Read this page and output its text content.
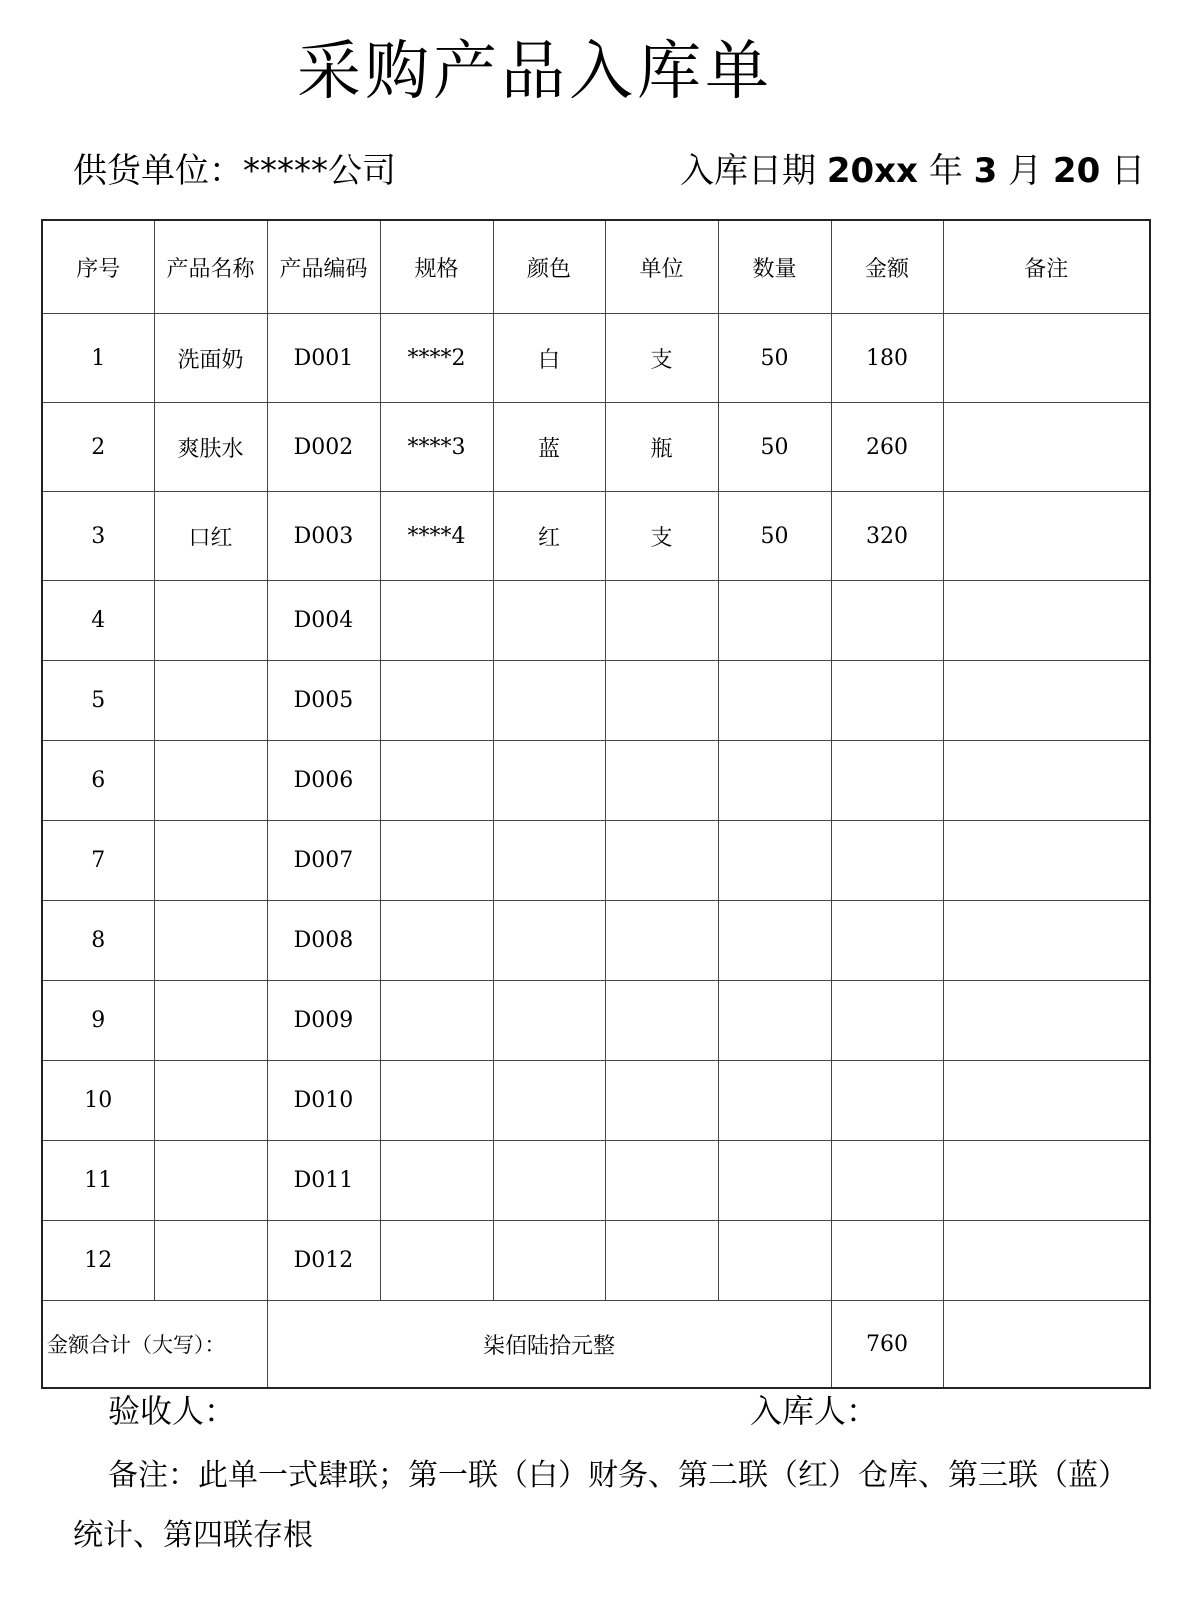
采购产品入库单
供货单位：*****公司	入库日期 20xx 年 3 月 20 日
序号	产品名称	产品编码	规格	颜色	单位	数量	金额	备注
1	洗面奶	D001	****2	白	支	50	180	
2	爽肤水	D002	****3	蓝	瓶	50	260	
3	口红	D003	****4	红	支	50	320	
4		D004						
5		D005						
6		D006						
7		D007						
8		D008						
9		D009						
10		D010						
11		D011						
12		D012						
金额合计（大写）：		柒佰陆拾元整					760	
验收人：	入库人：
备注：此单一式肆联；第一联（白）财务、第二联（红）仓库、第三联（蓝）
统计、第四联存根
